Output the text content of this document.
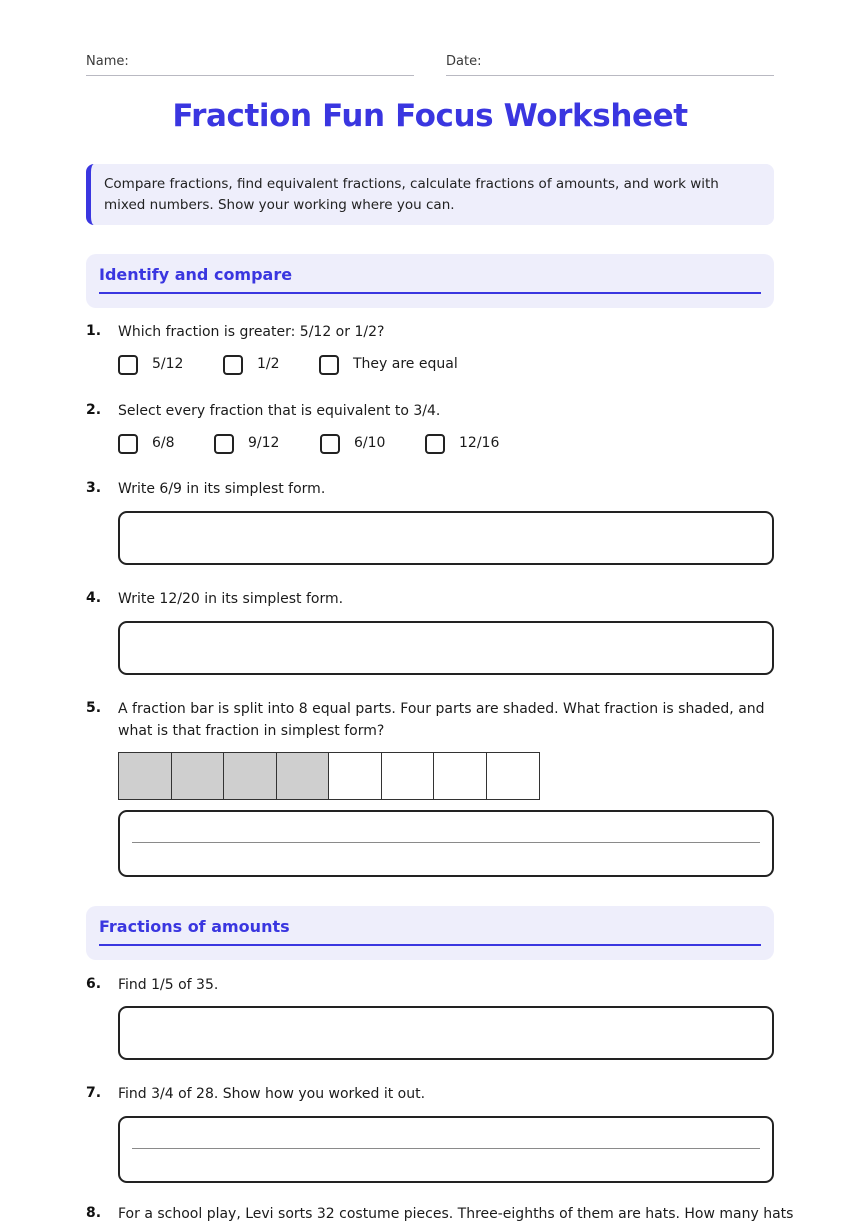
Name:	Date:
Fraction Fun Focus Worksheet
Compare fractions, find equivalent fractions, calculate fractions of amounts, and work with mixed numbers. Show your working where you can.
Identify and compare
1. Which fraction is greater: 5/12 or 1/2?
5/12	1/2	They are equal
2. Select every fraction that is equivalent to 3/4.
6/8	9/12	6/10	12/16
3. Write 6/9 in its simplest form.
4. Write 12/20 in its simplest form.
5. A fraction bar is split into 8 equal parts. Four parts are shaded. What fraction is shaded, and what is that fraction in simplest form?
Fractions of amounts
6. Find 1/5 of 35.
7. Find 3/4 of 28. Show how you worked it out.
8. For a school play, Levi sorts 32 costume pieces. Three-eighths of them are hats. How many hats
